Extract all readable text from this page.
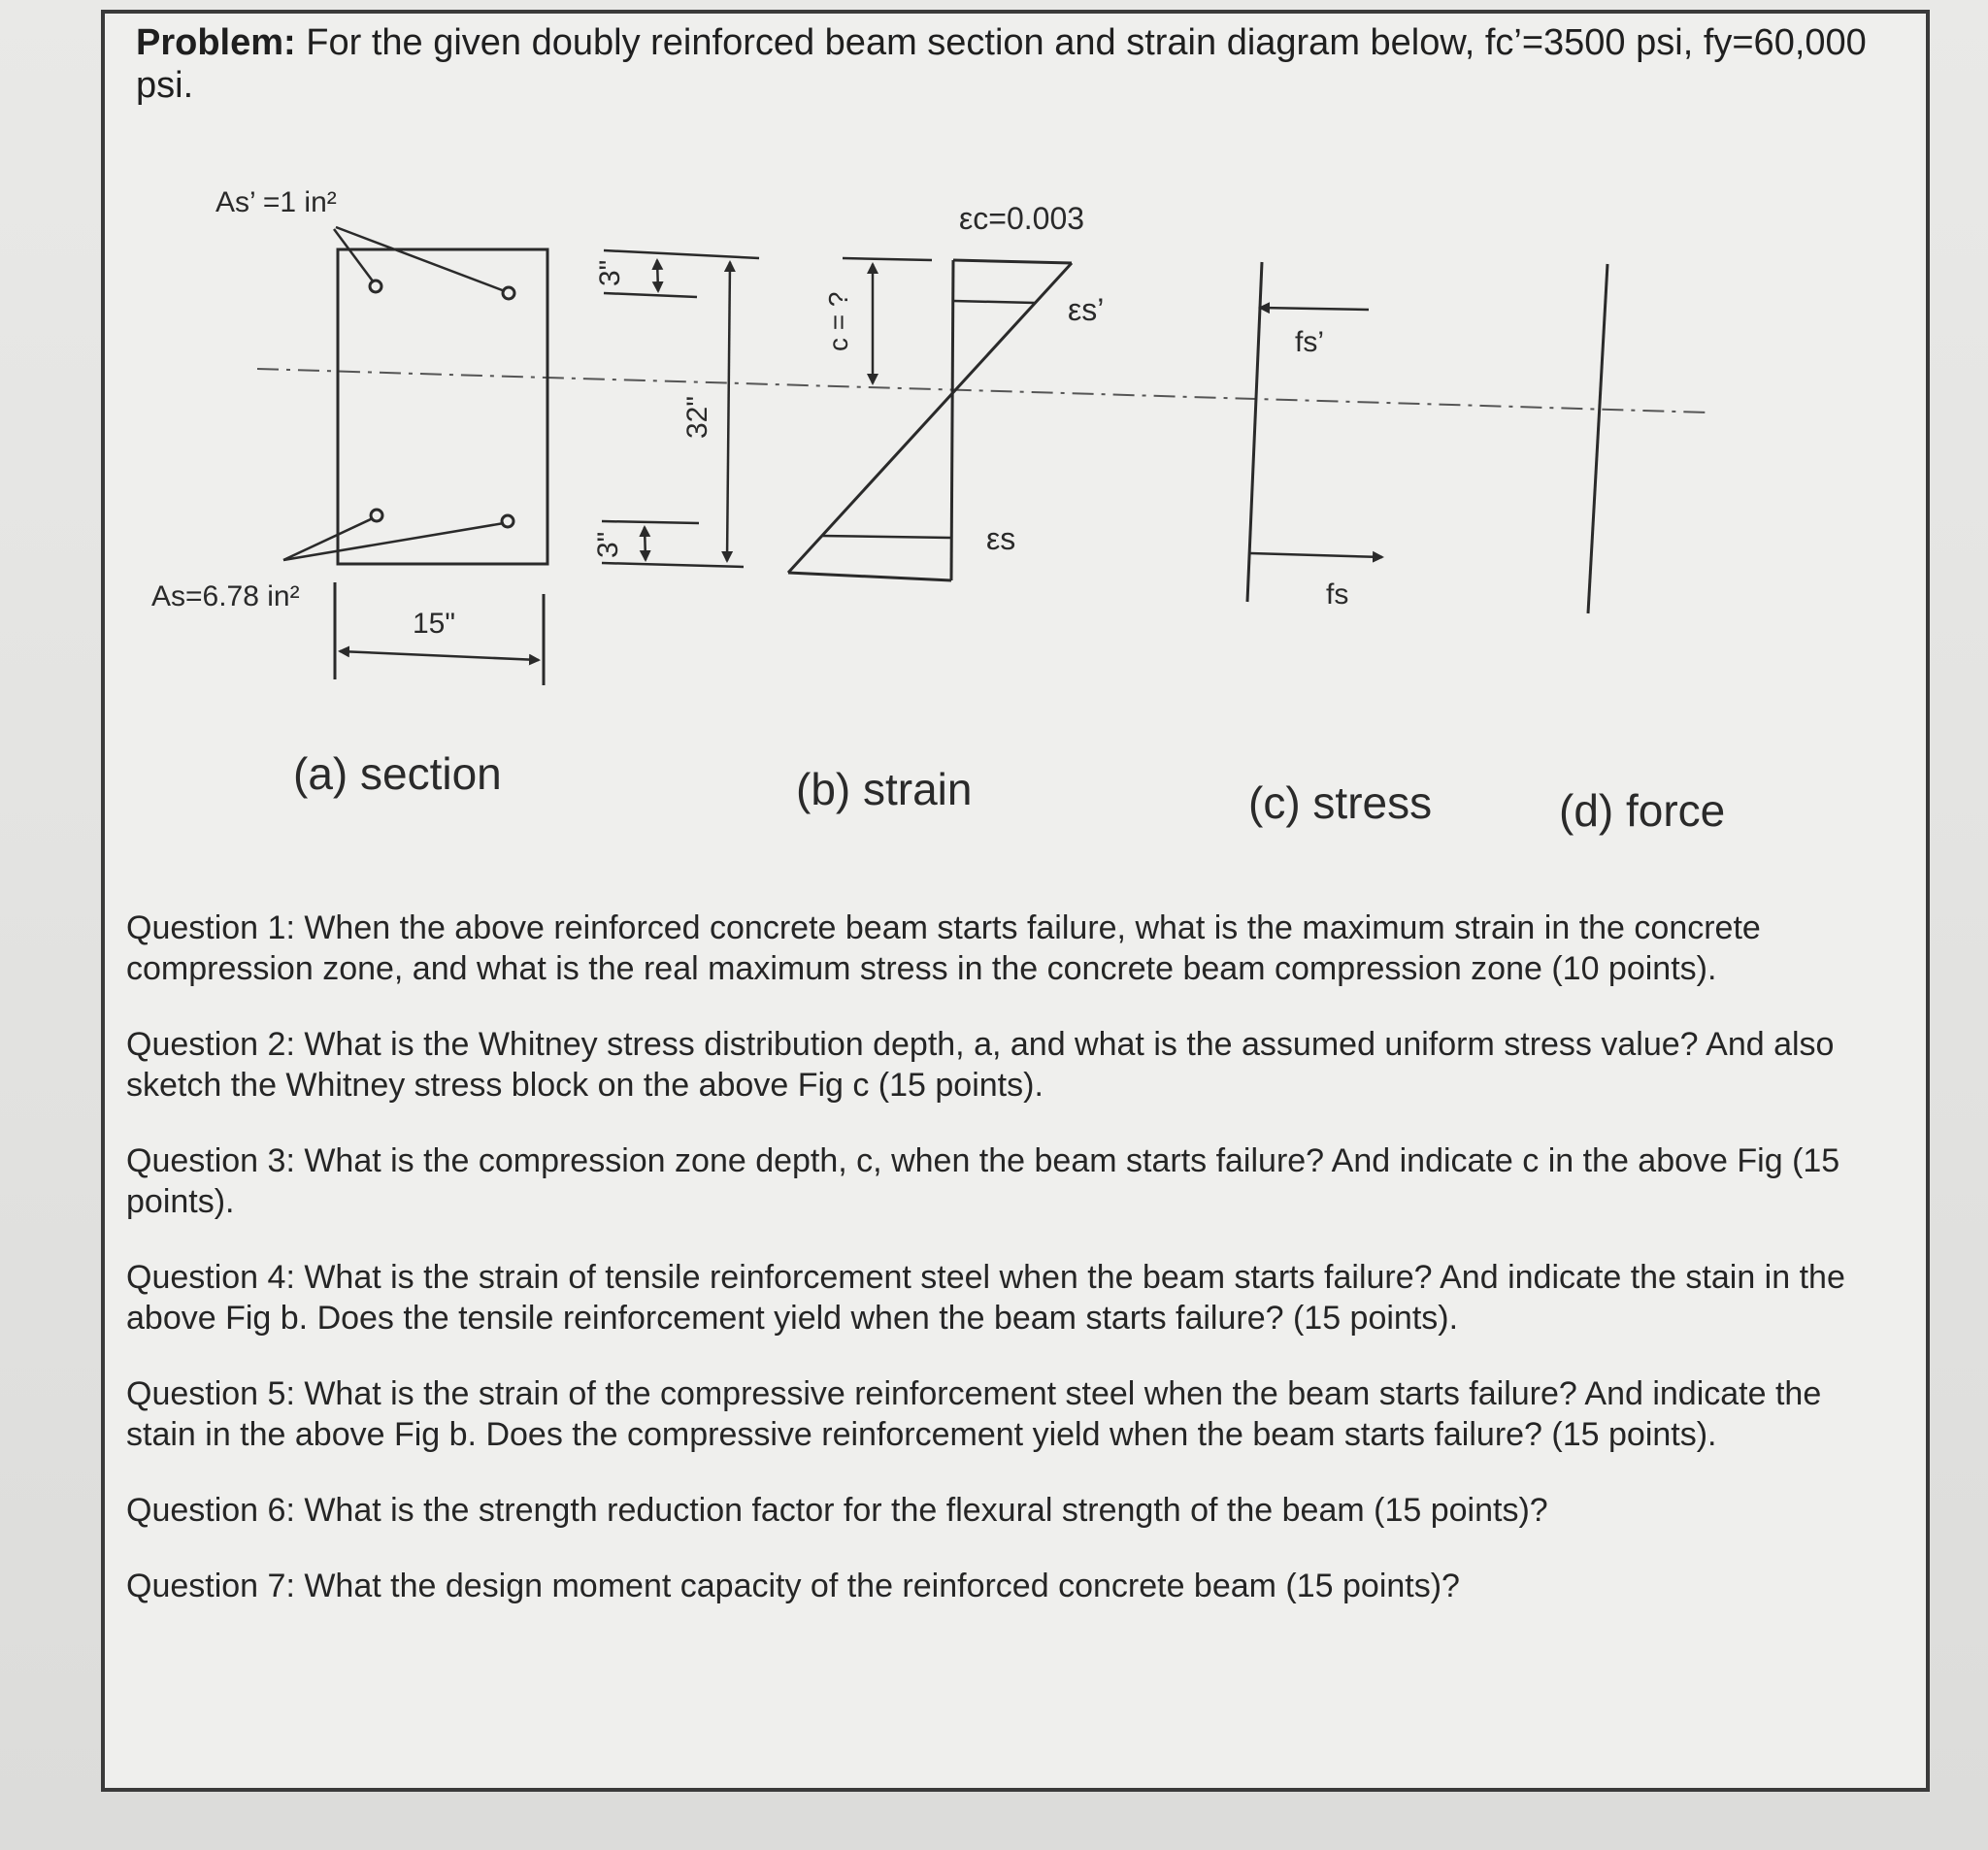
Problem: For the given doubly reinforced beam section and strain diagram below, fc’=3500 psi, fy=60,000 psi.
As’ =1 in²
As=6.78 in²
15"
3"
3"
32"
c = ?
εc=0.003
εs’
εs
fs’
fs
(a) section	(b) strain	(c) stress	(d) force

Question 1: When the above reinforced concrete beam starts failure, what is the maximum strain in the concrete compression zone, and what is the real maximum stress in the concrete beam compression zone (10 points).

Question 2: What is the Whitney stress distribution depth, a, and what is the assumed uniform stress value? And also sketch the Whitney stress block on the above Fig c (15 points).

Question 3: What is the compression zone depth, c, when the beam starts failure? And indicate c in the above Fig (15 points).

Question 4: What is the strain of tensile reinforcement steel when the beam starts failure? And indicate the stain in the above Fig b. Does the tensile reinforcement yield when the beam starts failure? (15 points).

Question 5: What is the strain of the compressive reinforcement steel when the beam starts failure? And indicate the stain in the above Fig b. Does the compressive reinforcement yield when the beam starts failure? (15 points).

Question 6: What is the strength reduction factor for the flexural strength of the beam (15 points)?

Question 7: What the design moment capacity of the reinforced concrete beam (15 points)?
